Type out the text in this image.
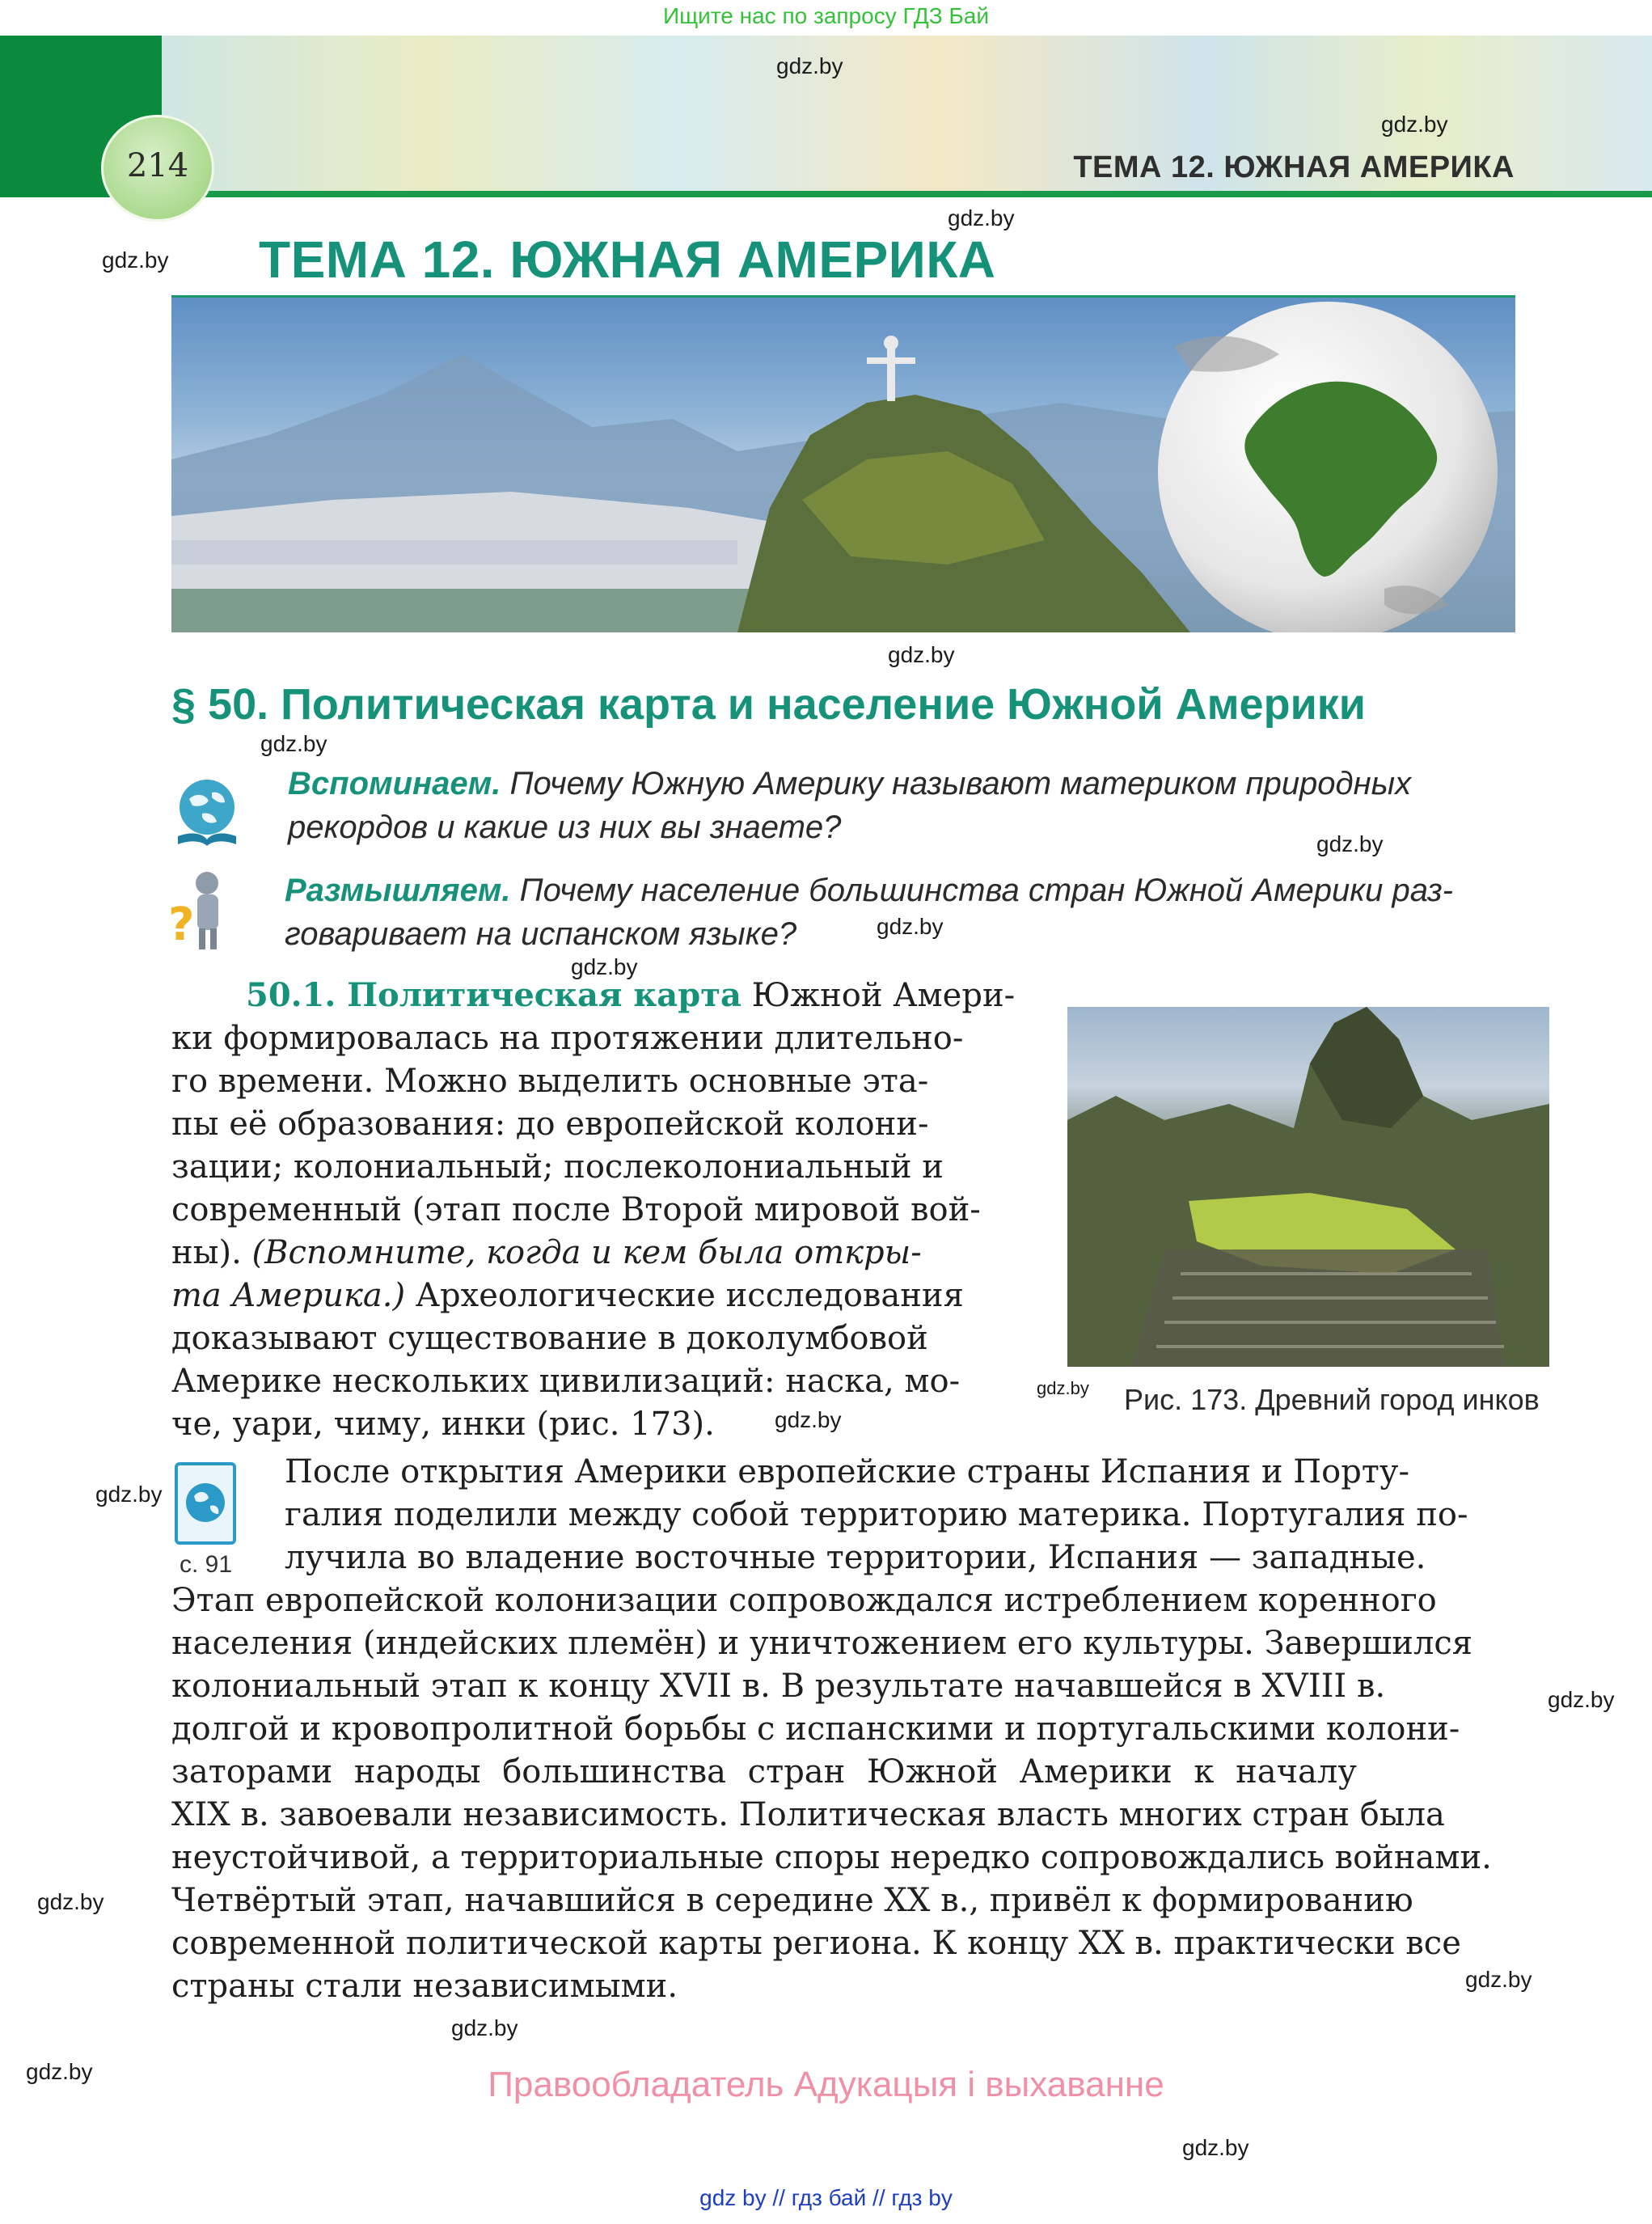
Ищите нас по запросу ГДЗ Бай
214	ТЕМА 12. ЮЖНАЯ АМЕРИКА
gdz.by
gdz.by
gdz.by
gdz.by
gdz.by
gdz.by
gdz.by
gdz.by
gdz.by
gdz.by
gdz.by
gdz.by
gdz.by
gdz.by
gdz.by
gdz.by
gdz.by
gdz.by
ТЕМА 12. ЮЖНАЯ АМЕРИКА
§ 50. Политическая карта и население Южной Америки
Вспоминаем. Почему Южную Америку называют материком природных
рекордов и какие из них вы знаете?
?
Размышляем. Почему население большинства стран Южной Америки раз-
говаривает на испанском языке?
50.1. Политическая карта Южной Амери-
ки формировалась на протяжении длительно-
го времени. Можно выделить основные эта-
пы её образования: до европейской колони-
зации; колониальный; послеколониальный и
современный (этап после Второй мировой вой-
ны). (Вспомните, когда и кем была откры-
та Америка.) Археологические исследования
доказывают существование в доколумбовой
Америке нескольких цивилизаций: наска, мо-
че, уари, чиму, инки (рис. 173).
Рис. 173. Древний город инков
с. 91
После открытия Америки европейские страны Испания и Порту-
галия поделили между собой территорию материка. Португалия по-
лучила во владение восточные территории, Испания — западные.
Этап европейской колонизации сопровождался истреблением коренного
населения (индейских племён) и уничтожением его культуры. Завершился
колониальный этап к концу XVII в. В результате начавшейся в XVIII в.
долгой и кровопролитной борьбы с испанскими и португальскими колони-
заторами народы большинства стран Южной Америки к началу
XIX в. завоевали независимость. Политическая власть многих стран была
неустойчивой, а территориальные споры нередко сопровождались войнами.
Четвёртый этап, начавшийся в середине XX в., привёл к формированию
современной политической карты региона. К концу XX в. практически все
страны стали независимыми.
Правообладатель Адукацыя і выхаванне
gdz by // гдз бай // гдз by
